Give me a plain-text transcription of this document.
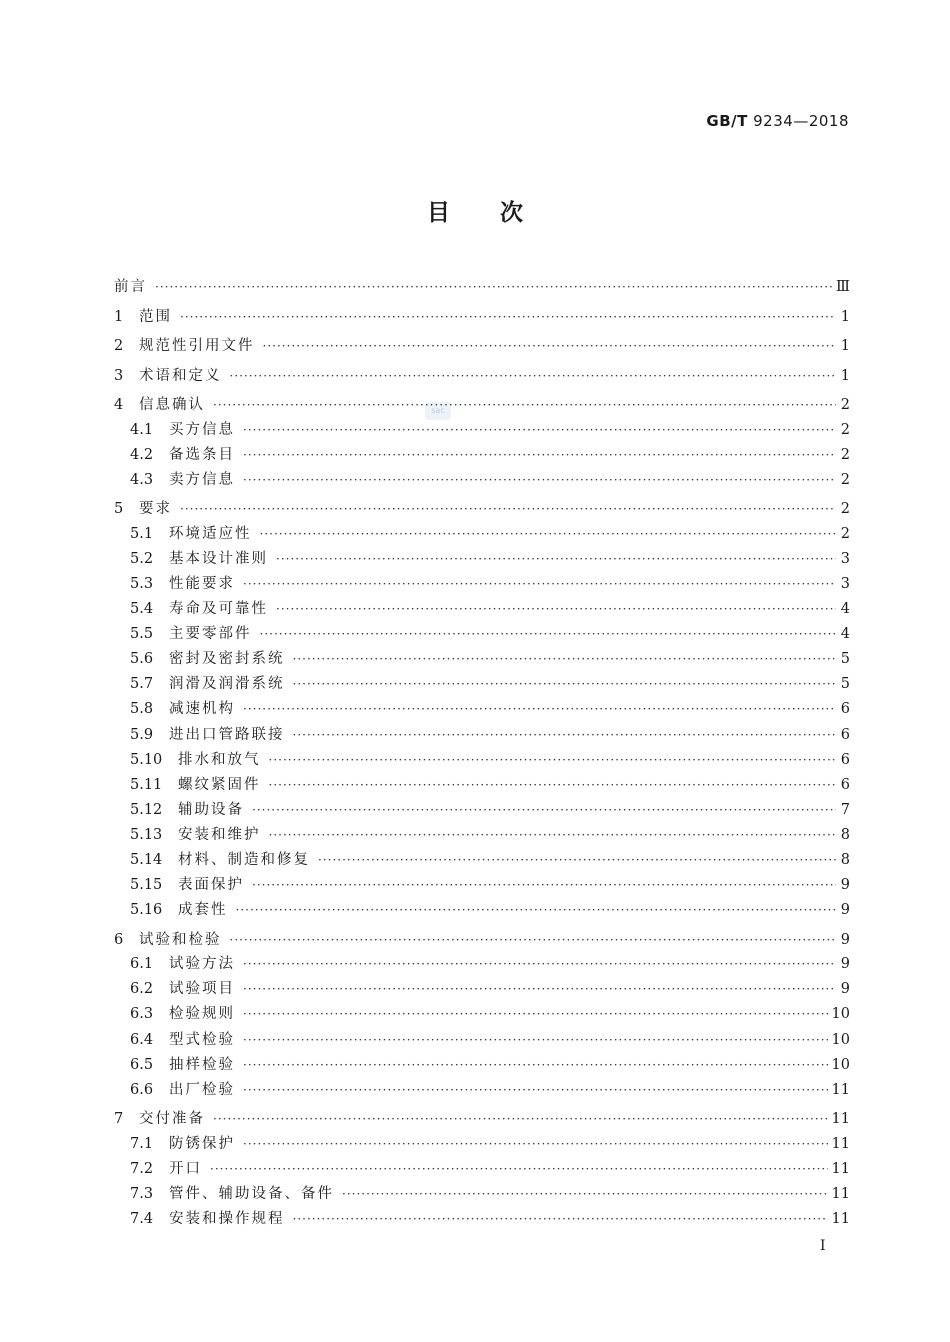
GB/T 9234—2018
目次
sac
前言 ·····	Ⅲ
1	范围 ·····	1
2	规范性引用文件 ·····	1
3	术语和定义 ·····	1
4	信息确认 ·····	2
4.1	买方信息 ·····	2
4.2	备选条目 ·····	2
4.3	卖方信息 ·····	2
5	要求 ·····	2
5.1	环境适应性 ·····	2
5.2	基本设计准则 ·····	3
5.3	性能要求 ·····	3
5.4	寿命及可靠性 ·····	4
5.5	主要零部件 ·····	4
5.6	密封及密封系统 ·····	5
5.7	润滑及润滑系统 ·····	5
5.8	减速机构 ·····	6
5.9	进出口管路联接 ·····	6
5.10	排水和放气 ·····	6
5.11	螺纹紧固件 ·····	6
5.12	辅助设备 ·····	7
5.13	安装和维护 ·····	8
5.14	材料、制造和修复 ·····	8
5.15	表面保护 ·····	9
5.16	成套性 ·····	9
6	试验和检验 ·····	9
6.1	试验方法 ·····	9
6.2	试验项目 ·····	9
6.3	检验规则 ·····	10
6.4	型式检验 ·····	10
6.5	抽样检验 ·····	10
6.6	出厂检验 ·····	11
7	交付准备 ·····	11
7.1	防锈保护 ·····	11
7.2	开口 ·····	11
7.3	管件、辅助设备、备件 ·····	11
7.4	安装和操作规程 ·····	11
Ⅰ
